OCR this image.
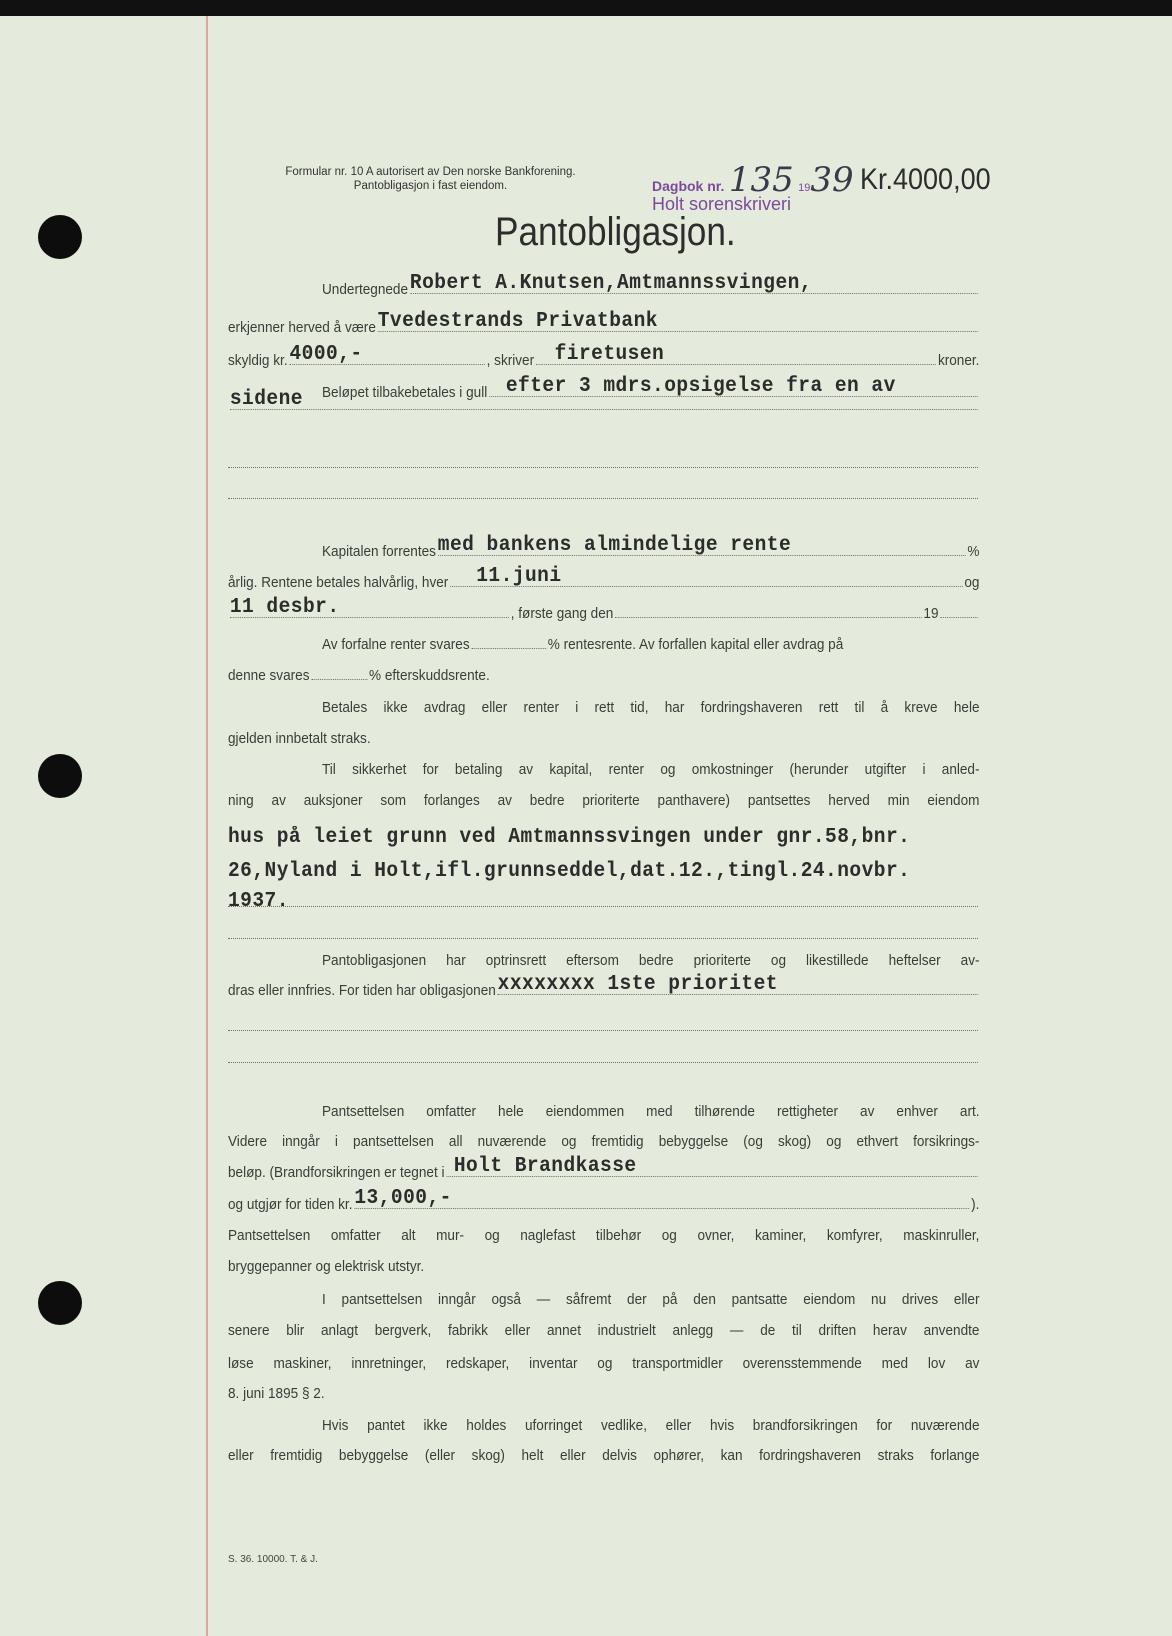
Formular nr. 10 A autorisert av Den norske Bankforening.
Pantobligasjon i fast eiendom.	Dagbok nr. 135 1939
Holt sorenskriveri
Kr.4000,00
Pantobligasjon.
Undertegnede Robert A.Knutsen,Amtmannssvingen,
erkjenner herved å være Tvedestrands Privatbank
skyldig kr. 4000,-	, skriver firetusen	kroner.
Beløpet tilbakebetales i gull efter 3 mdrs.opsigelse fra en av
sidene
Kapitalen forrentes med bankens almindelige rente	%
årlig. Rentene betales halvårlig, hver 11.juni	og
11 desbr.	, første gang den	19
Av forfalne renter svares	%
rentesrente. Av forfallen kapital eller avdrag på
denne svares	%
efterskuddsrente.
Betales ikke avdrag eller renter i rett tid, har fordringshaveren rett til å kreve hele
gjelden innbetalt straks.
Til sikkerhet for betaling av kapital, renter og omkostninger (herunder utgifter i anled-
ning av auksjoner som forlanges av bedre prioriterte panthavere) pantsettes herved min eiendom
hus på leiet grunn ved Amtmannssvingen under gnr.58,bnr.
26,Nyland i Holt,ifl.grunnseddel,dat.12.,tingl.24.novbr.
1937.
Pantobligasjonen har optrinsrett eftersom bedre prioriterte og likestillede heftelser av-
dras eller innfries. For tiden har obligasjonen xxxxxxxx 1ste prioritet
Pantsettelsen omfatter hele eiendommen med tilhørende rettigheter av enhver art.
Videre inngår i pantsettelsen all nuværende og fremtidig bebyggelse (og skog) og ethvert forsikrings-
beløp. (Brandforsikringen er tegnet i Holt Brandkasse
og utgjør for tiden kr. 13,000,-	).
Pantsettelsen omfatter alt mur- og naglefast tilbehør og ovner, kaminer, komfyrer, maskinruller,
bryggepanner og elektrisk utstyr.
I pantsettelsen inngår også — såfremt der på den pantsatte eiendom nu drives eller
senere blir anlagt bergverk, fabrikk eller annet industrielt anlegg — de til driften herav anvendte
løse maskiner, innretninger, redskaper, inventar og transportmidler overensstemmende med lov av
8. juni 1895 § 2.
Hvis pantet ikke holdes uforringet vedlike, eller hvis brandforsikringen for nuværende
eller fremtidig bebyggelse (eller skog) helt eller delvis ophører, kan fordringshaveren straks forlange
S. 36. 10000. T. & J.
